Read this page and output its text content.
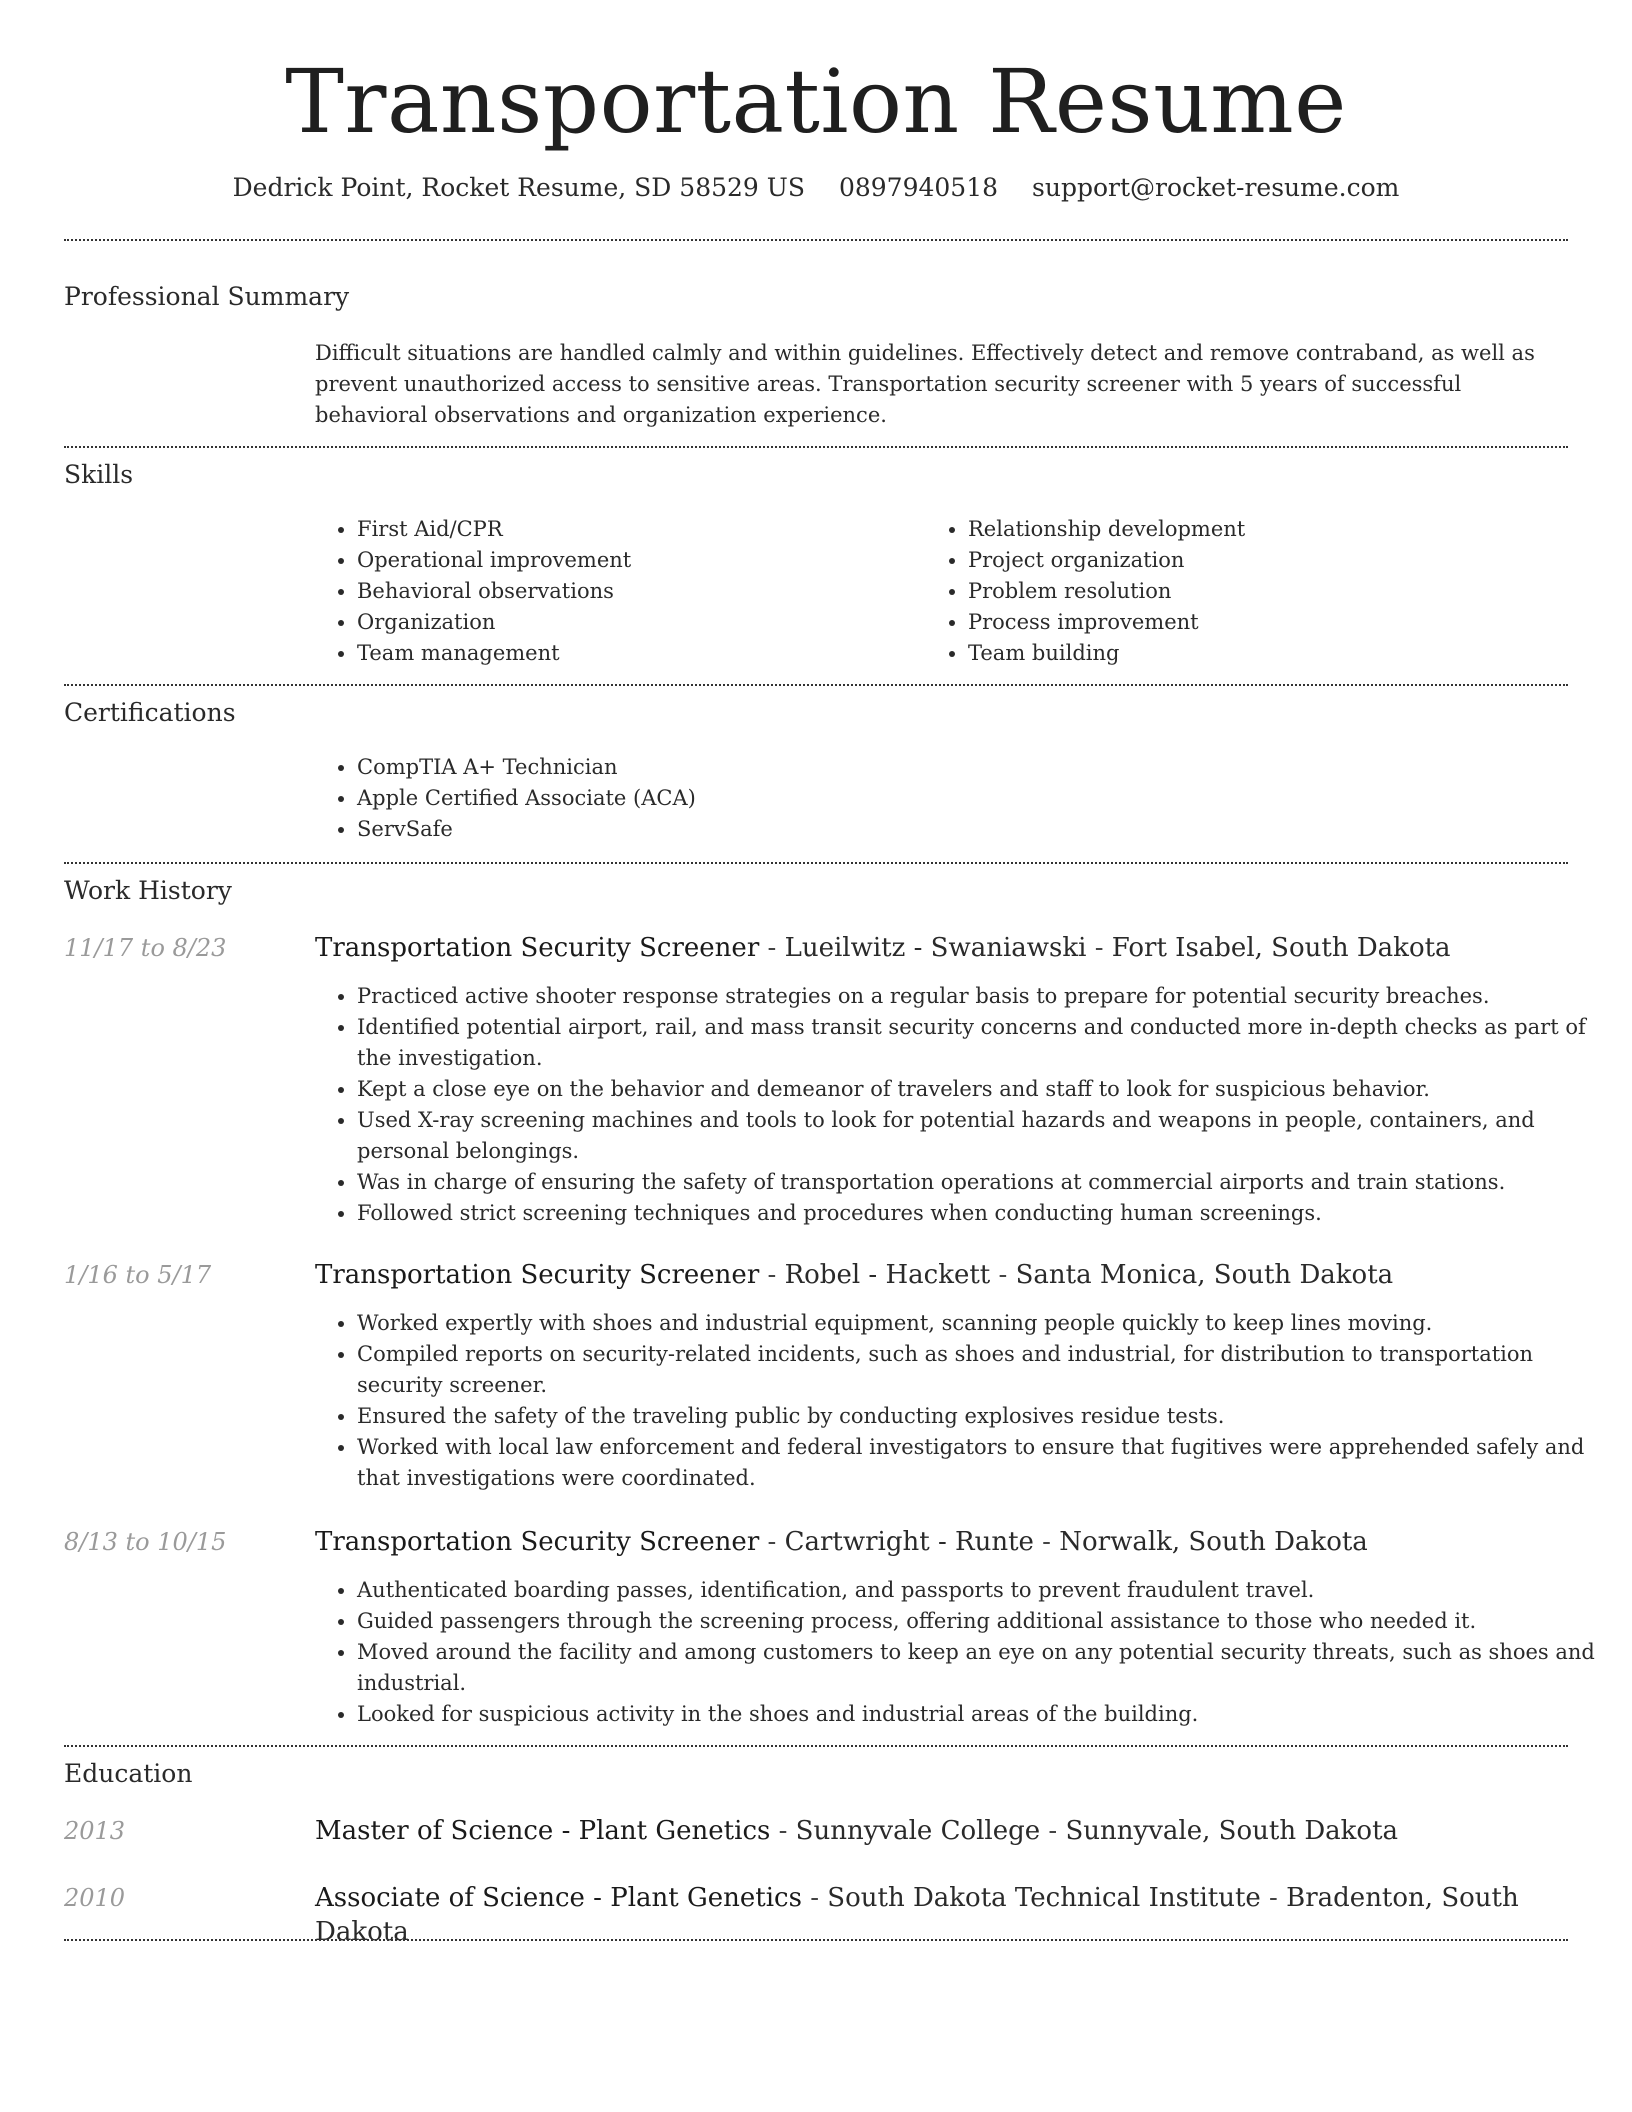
Transportation Resume
Dedrick Point, Rocket Resume, SD 58529 US 0897940518 support@rocket-resume.com
Professional Summary
Difficult situations are handled calmly and within guidelines. Effectively detect and remove contraband, as well as prevent unauthorized access to sensitive areas. Transportation security screener with 5 years of successful behavioral observations and organization experience.
Skills
• First Aid/CPR
• Operational improvement
• Behavioral observations
• Organization
• Team management
• Relationship development
• Project organization
• Problem resolution
• Process improvement
• Team building
Certifications
• CompTIA A+ Technician
• Apple Certified Associate (ACA)
• ServSafe
Work History
11/17 to 8/23	Transportation Security Screener - Lueilwitz - Swaniawski - Fort Isabel, South Dakota
• Practiced active shooter response strategies on a regular basis to prepare for potential security breaches.
• Identified potential airport, rail, and mass transit security concerns and conducted more in-depth checks as part of the investigation.
• Kept a close eye on the behavior and demeanor of travelers and staff to look for suspicious behavior.
• Used X-ray screening machines and tools to look for potential hazards and weapons in people, containers, and personal belongings.
• Was in charge of ensuring the safety of transportation operations at commercial airports and train stations.
• Followed strict screening techniques and procedures when conducting human screenings.
1/16 to 5/17	Transportation Security Screener - Robel - Hackett - Santa Monica, South Dakota
• Worked expertly with shoes and industrial equipment, scanning people quickly to keep lines moving.
• Compiled reports on security-related incidents, such as shoes and industrial, for distribution to transportation security screener.
• Ensured the safety of the traveling public by conducting explosives residue tests.
• Worked with local law enforcement and federal investigators to ensure that fugitives were apprehended safely and that investigations were coordinated.
8/13 to 10/15	Transportation Security Screener - Cartwright - Runte - Norwalk, South Dakota
• Authenticated boarding passes, identification, and passports to prevent fraudulent travel.
• Guided passengers through the screening process, offering additional assistance to those who needed it.
• Moved around the facility and among customers to keep an eye on any potential security threats, such as shoes and industrial.
• Looked for suspicious activity in the shoes and industrial areas of the building.
Education
2013	Master of Science - Plant Genetics - Sunnyvale College - Sunnyvale, South Dakota
2010	Associate of Science - Plant Genetics - South Dakota Technical Institute - Bradenton, South Dakota
